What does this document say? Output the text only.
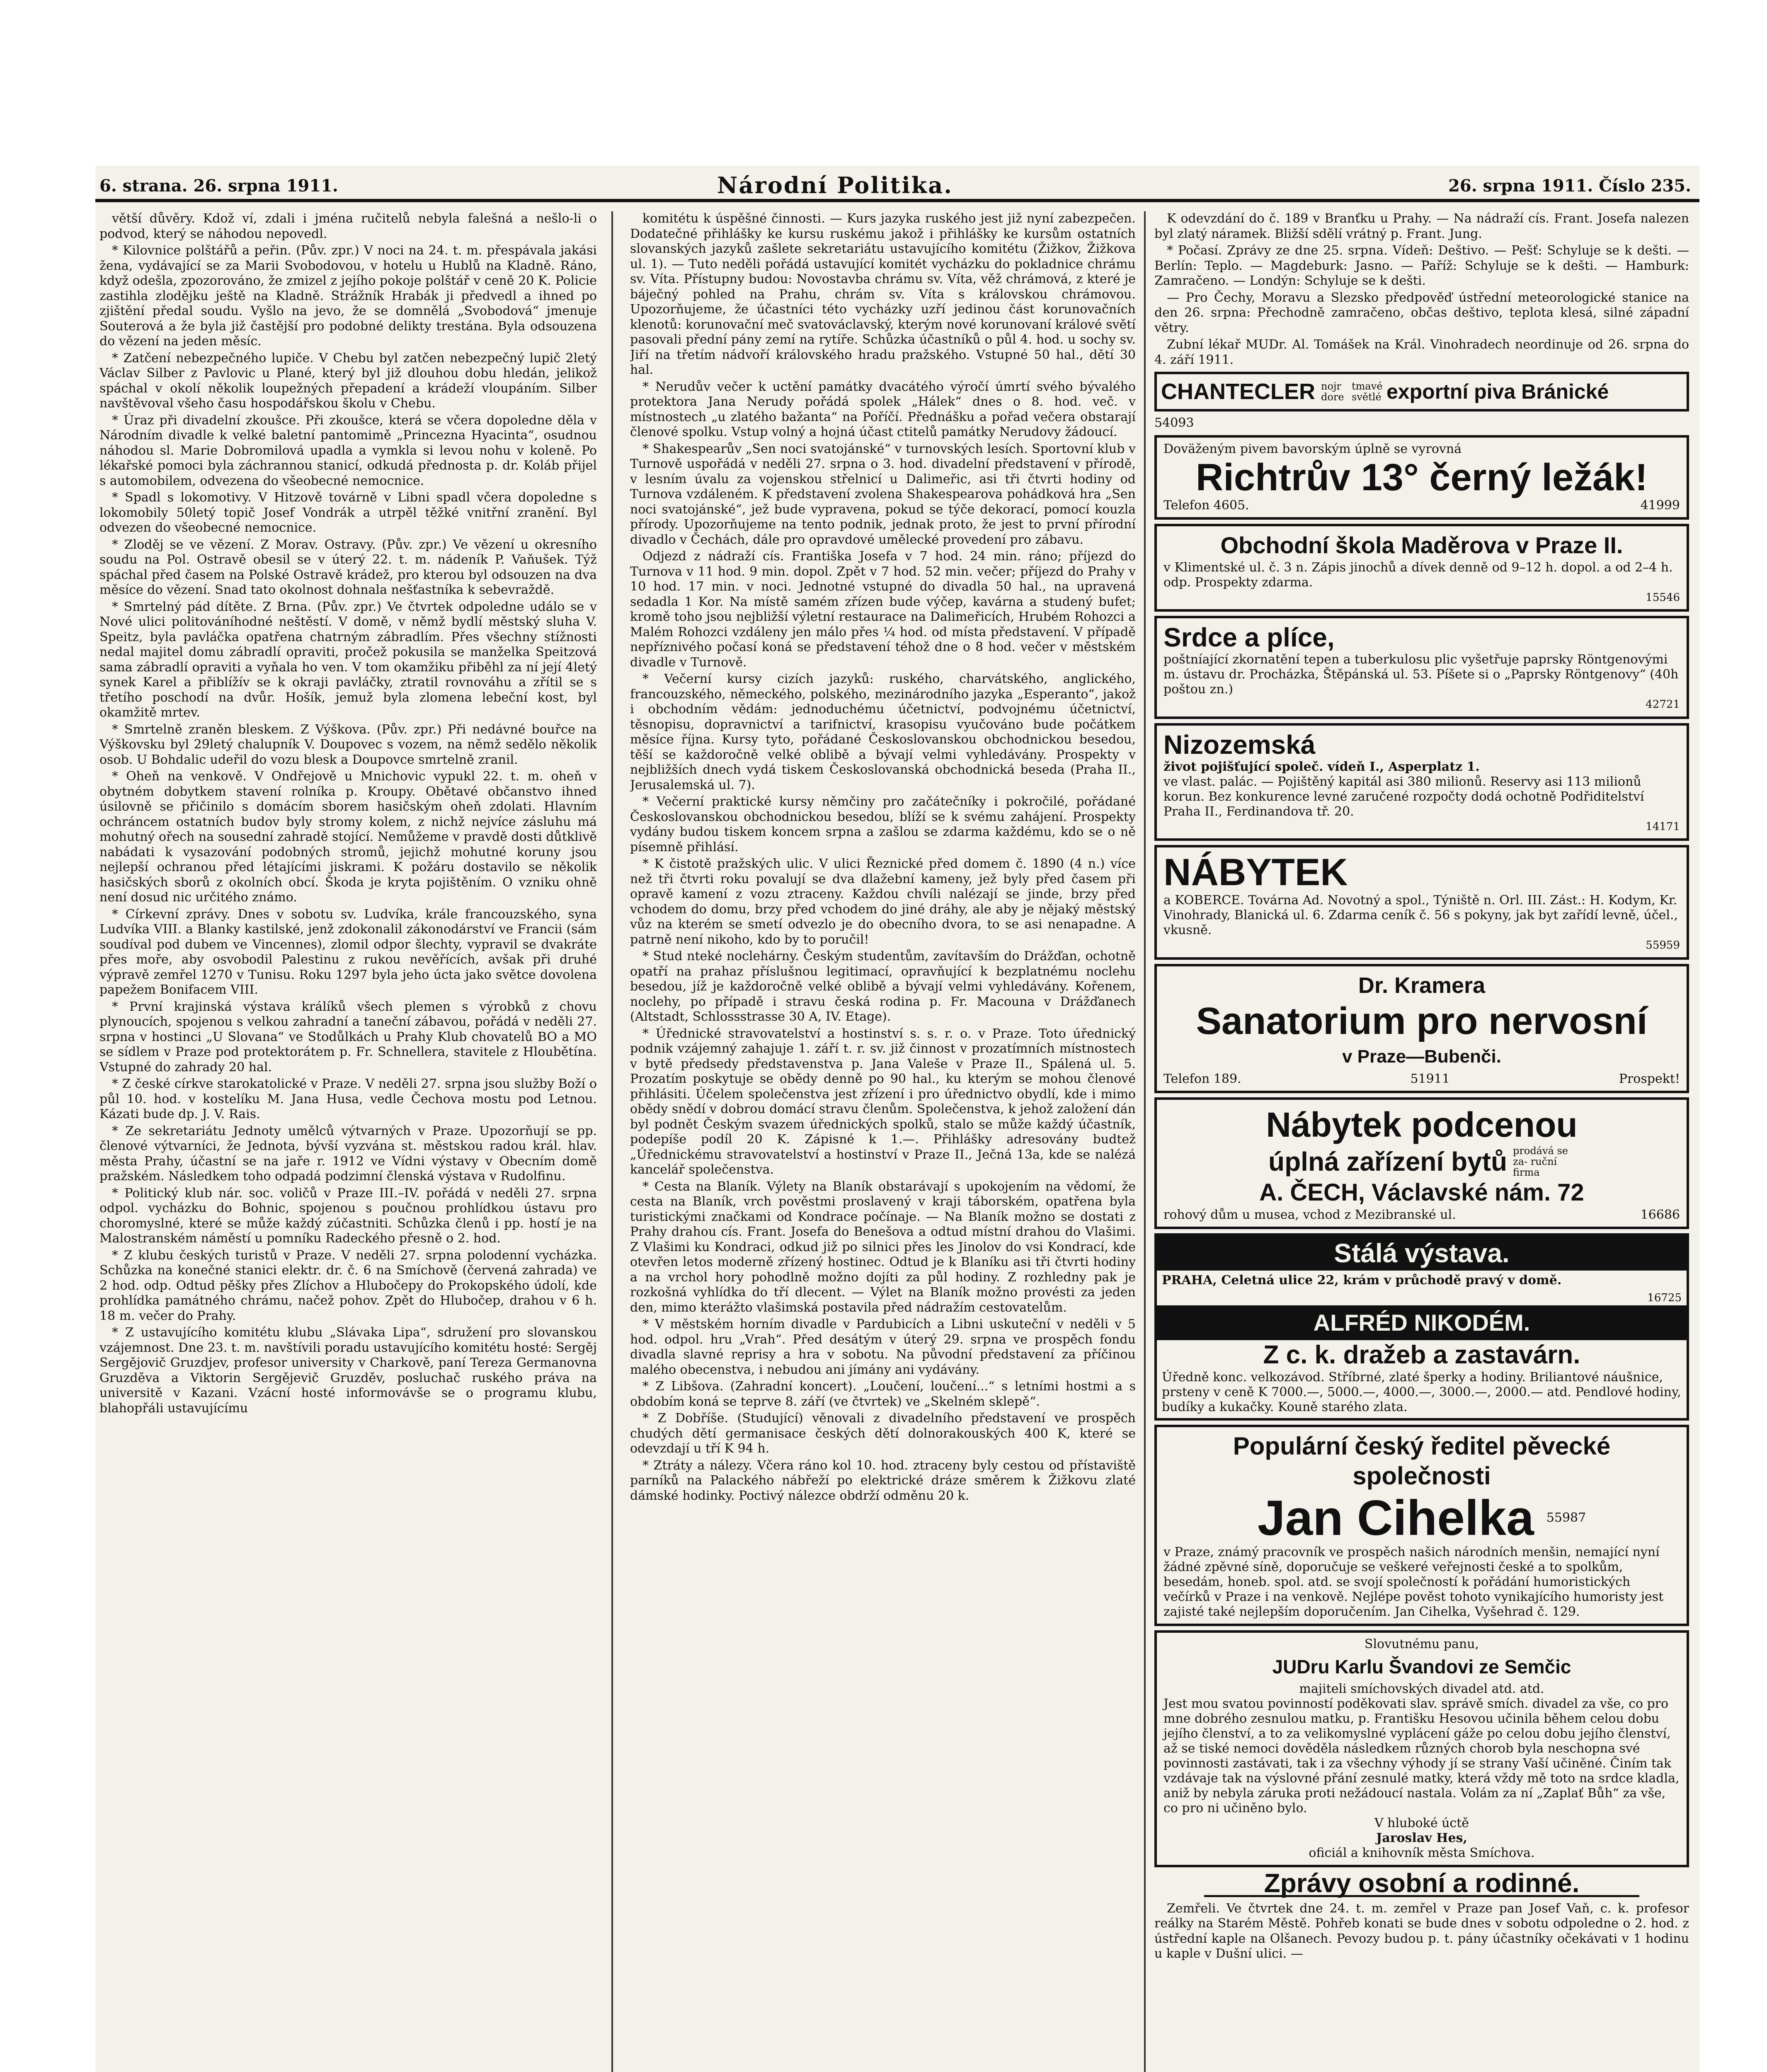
6. strana. 26. srpna 1911.	Národní Politika.	26. srpna 1911. Číslo 235.

větší důvěry. Kdož ví, zdali i jména ručitelů nebyla falešná a nešlo-li o podvod, který se náhodou nepovedl.

* Kilovnice polštářů a peřin. (Pův. zpr.) V noci na 24. t. m. přespávala jakási žena, vydávající se za Marii Svobodovou, v hotelu u Hublů na Kladně. Ráno, když odešla, zpozorováno, že zmizel z jejího pokoje polštář v ceně 20 K. Policie zastihla zlodějku ještě na Kladně. Strážník Hrabák ji předvedl a ihned po zjištění předal soudu. Vyšlo na jevo, že se domnělá „Svobodová“ jmenuje Souterová a že byla již častější pro podobné delikty trestána. Byla odsouzena do vězení na jeden měsíc.

* Zatčení nebezpečného lupiče. V Chebu byl zatčen nebezpečný lupič 2letý Václav Silber z Pavlovic u Plané, který byl již dlouhou dobu hledán, jelikož spáchal v okolí několik loupežných přepadení a krádeží vloupáním. Silber navštěvoval všeho času hospodářskou školu v Chebu.

* Úraz při divadelní zkoušce. Při zkoušce, která se včera dopoledne děla v Národním divadle k velké baletní pantomimě „Princezna Hyacinta“, osudnou náhodou sl. Marie Dobromilová upadla a vymkla si levou nohu v koleně. Po lékařské pomoci byla záchrannou stanicí, odkudá přednosta p. dr. Koláb přijel s automobilem, odvezena do všeobecné nemocnice.

* Spadl s lokomotivy. V Hitzově továrně v Libni spadl včera dopoledne s lokomobily 50letý topič Josef Vondrák a utrpěl těžké vnitřní zranění. Byl odvezen do všeobecné nemocnice.

* Zloděj se ve vězení. Z Morav. Ostravy. (Pův. zpr.) Ve vězení u okresního soudu na Pol. Ostravě obesil se v úterý 22. t. m. nádeník P. Vaňušek. Týž spáchal před časem na Polské Ostravě krádež, pro kterou byl odsouzen na dva měsíce do vězení. Snad tato okolnost dohnala nešťastníka k sebevraždě.

* Smrtelný pád dítěte. Z Brna. (Pův. zpr.) Ve čtvrtek odpoledne událo se v Nové ulici politováníhodné neštěstí. V domě, v němž bydlí městský sluha V. Speitz, byla pavláčka opatřena chatrným zábradlím. Přes všechny stížnosti nedal majitel domu zábradlí opraviti, pročež pokusila se manželka Speitzová sama zábradlí opraviti a vyňala ho ven. V tom okamžiku přiběhl za ní její 4letý synek Karel a přiblížív se k okraji pavláčky, ztratil rovnováhu a zřítil se s třetího poschodí na dvůr. Hošík, jemuž byla zlomena lebeční kost, byl okamžitě mrtev.

* Smrtelně zraněn bleskem. Z Výškova. (Pův. zpr.) Při nedávné bouřce na Výškovsku byl 29letý chalupník V. Doupovec s vozem, na němž sedělo několik osob. U Bohdalic udeřil do vozu blesk a Doupovce smrtelně zranil.

* Oheň na venkově. V Ondřejově u Mnichovic vypukl 22. t. m. oheň v obytném dobytkem stavení rolníka p. Kroupy. Obětavé občanstvo ihned úsilovně se přičinilo s domácím sborem hasičským oheň zdolati. Hlavním ochráncem ostatních budov byly stromy kolem, z nichž nejvíce zásluhu má mohutný ořech na sousední zahradě stojící. Nemůžeme v pravdě dosti důtklivě nabádati k vysazování podobných stromů, jejichž mohutné koruny jsou nejlepší ochranou před létajícími jiskrami. K požáru dostavilo se několik hasičských sborů z okolních obcí. Škoda je kryta pojištěním. O vzniku ohně není dosud nic určitého známo.

* Církevní zprávy. Dnes v sobotu sv. Ludvíka, krále francouzského, syna Ludvíka VIII. a Blanky kastilské, jenž zdokonalil zákonodárství ve Francii (sám soudíval pod dubem ve Vincennes), zlomil odpor šlechty, vypravil se dvakráte přes moře, aby osvobodil Palestinu z rukou nevěřících, avšak při druhé výpravě zemřel 1270 v Tunisu. Roku 1297 byla jeho úcta jako světce dovolena papežem Bonifacem VIII.

* První krajinská výstava králíků všech plemen s výrobků z chovu plynoucích, spojenou s velkou zahradní a taneční zábavou, pořádá v neděli 27. srpna v hostinci „U Slovana“ ve Stodůlkách u Prahy Klub chovatelů BO a MO se sídlem v Praze pod protektorátem p. Fr. Schnellera, stavitele z Hloubětína. Vstupné do zahrady 20 hal.

* Z české církve starokatolické v Praze. V neděli 27. srpna jsou služby Boží o půl 10. hod. v kostelíku M. Jana Husa, vedle Čechova mostu pod Letnou. Kázati bude dp. J. V. Rais.

* Ze sekretariátu Jednoty umělců výtvarných v Praze. Upozorňují se pp. členové výtvarníci, že Jednota, bývší vyzvána st. městskou radou král. hlav. města Prahy, účastní se na jaře r. 1912 ve Vídni výstavy v Obecním domě pražském. Následkem toho odpadá podzimní členská výstava v Rudolfinu.

* Politický klub nár. soc. voličů v Praze III.–IV. pořádá v neděli 27. srpna odpol. vycházku do Bohnic, spojenou s poučnou prohlídkou ústavu pro choromyslné, které se může každý zúčastniti. Schůzka členů i pp. hostí je na Malostranském náměstí u pomníku Radeckého přesně o 2. hod.

* Z klubu českých turistů v Praze. V neděli 27. srpna polodenní vycházka. Schůzka na konečné stanici elektr. dr. č. 6 na Smíchově (červená zahrada) ve 2 hod. odp. Odtud pěšky přes Zlíchov a Hlubočepy do Prokopského údolí, kde prohlídka památného chrámu, načež pohov. Zpět do Hlubočep, drahou v 6 h. 18 m. večer do Prahy.

* Z ustavujícího komitétu klubu „Slávaka Lipa“, sdružení pro slovanskou vzájemnost. Dne 23. t. m. navštívili poradu ustavujícího komitétu hosté: Sergěj Sergějovič Gruzdjev, profesor university v Charkově, paní Tereza Germanovna Gruzděva a Viktorin Sergějevič Gruzděv, posluchač ruského práva na universitě v Kazani. Vzácní hosté informovávše se o programu klubu, blahopřáli ustavujícímu

komitétu k úspěšné činnosti. — Kurs jazyka ruského jest již nyní zabezpečen. Dodatečné přihlášky ke kursu ruskému jakož i přihlášky ke kursům ostatních slovanských jazyků zašlete sekretariátu ustavujícího komitétu (Žižkov, Žižkova ul. 1). — Tuto neděli pořádá ustavující komitét vycházku do pokladnice chrámu sv. Víta. Přístupny budou: Novostavba chrámu sv. Víta, věž chrámová, z které je báječný pohled na Prahu, chrám sv. Víta s královskou chrámovou. Upozorňujeme, že účastníci této vycházky uzří jedinou část korunovačních klenotů: korunovační meč svatováclavský, kterým nové korunovaní králové světí pasovali přední pány zemí na rytíře. Schůzka účastníků o půl 4. hod. u sochy sv. Jiří na třetím nádvoří královského hradu pražského. Vstupné 50 hal., dětí 30 hal.

* Nerudův večer k uctění památky dvacátého výročí úmrtí svého bývalého protektora Jana Nerudy pořádá spolek „Hálek“ dnes o 8. hod. več. v místnostech „u zlatého bažanta“ na Poříčí. Přednášku a pořad večera obstarají členové spolku. Vstup volný a hojná účast ctitelů památky Nerudovy žádoucí.

* Shakespearův „Sen noci svatojánské“ v turnovských lesích. Sportovní klub v Turnově uspořádá v neděli 27. srpna o 3. hod. divadelní představení v přírodě, v lesním úvalu za vojenskou střelnicí u Dalimeřic, asi tři čtvrti hodiny od Turnova vzdáleném. K představení zvolena Shakespearova pohádková hra „Sen noci svatojánské“, jež bude vypravena, pokud se týče dekorací, pomocí kouzla přírody. Upozorňujeme na tento podnik, jednak proto, že jest to první přírodní divadlo v Čechách, dále pro opravdové umělecké provedení pro zábavu.

Odjezd z nádraží cís. Františka Josefa v 7 hod. 24 min. ráno; příjezd do Turnova v 11 hod. 9 min. dopol. Zpět v 7 hod. 52 min. večer; příjezd do Prahy v 10 hod. 17 min. v noci. Jednotné vstupné do divadla 50 hal., na upravená sedadla 1 Kor. Na místě samém zřízen bude výčep, kavárna a studený bufet; kromě toho jsou nejbližší výletní restaurace na Dalimeřicích, Hrubém Rohozci a Malém Rohozci vzdáleny jen málo přes ¼ hod. od místa představení. V případě nepříznivého počasí koná se představení téhož dne o 8 hod. večer v městském divadle v Turnově.

* Večerní kursy cizích jazyků: ruského, charvátského, anglického, francouzského, německého, polského, mezinárodního jazyka „Esperanto“, jakož i obchodním vědám: jednoduchému účetnictví, podvojnému účetnictví, těsnopisu, dopravnictví a tarifnictví, krasopisu vyučováno bude počátkem měsíce října. Kursy tyto, pořádané Českoslovanskou obchodnickou besedou, těší se každoročně velké oblibě a bývají velmi vyhledávány. Prospekty v nejbližších dnech vydá tiskem Českoslovanská obchodnická beseda (Praha II., Jerusalemská ul. 7).

* Večerní praktické kursy němčiny pro začátečníky i pokročilé, pořádané Českoslovanskou obchodnickou besedou, blíží se k svému zahájení. Prospekty vydány budou tiskem koncem srpna a zašlou se zdarma každému, kdo se o ně písemně přihlásí.

* K čistotě pražských ulic. V ulici Řeznické před domem č. 1890 (4 n.) více než tři čtvrti roku povalují se dva dlažební kameny, jež byly před časem při opravě kamení z vozu ztraceny. Každou chvíli nalézají se jinde, brzy před vchodem do domu, brzy před vchodem do jiné dráhy, ale aby je nějaký městský vůz na kterém se smetí odvezlo je do obecního dvora, to se asi nenapadne. A patrně není nikoho, kdo by to poručil!

* Stud nteké noclehárny. Českým studentům, zavítavším do Drážďan, ochotně opatří na prahaz příslušnou legitimací, opravňující k bezplatnému noclehu besedou, jíž je každoročně velké oblibě a bývají velmi vyhledávány. Kořenem, noclehy, po případě i stravu česká rodina p. Fr. Macouna v Drážďanech (Altstadt, Schlossstrasse 30 A, IV. Etage).

* Úřednické stravovatelství a hostinství s. s. r. o. v Praze. Toto úřednický podnik vzájemný zahajuje 1. září t. r. sv. již činnost v prozatímních místnostech v bytě předsedy představenstva p. Jana Valeše v Praze II., Spálená ul. 5. Prozatím poskytuje se obědy denně po 90 hal., ku kterým se mohou členové přihlásiti. Účelem společenstva jest zřízení i pro úřednictvo obydlí, kde i mimo obědy snědí v dobrou domácí stravu členům. Společenstva, k jehož založení dán byl podnět Českým svazem úřednických spolků, stalo se může každý účastník, podepíše podíl 20 K. Zápisné k 1.—. Přihlášky adresovány budtež „Úřednickému stravovatelství a hostinství v Praze II., Ječná 13a, kde se nalézá kancelář společenstva.

* Cesta na Blaník. Výlety na Blaník obstarávají s upokojením na vědomí, že cesta na Blaník, vrch pověstmi proslavený v kraji táborském, opatřena byla turistickými značkami od Kondrace počínaje. — Na Blaník možno se dostati z Prahy drahou cís. Frant. Josefa do Benešova a odtud místní drahou do Vlašimi. Z Vlašimi ku Kondraci, odkud již po silnici přes les Jinolov do vsi Kondrací, kde otevřen letos moderně zřízený hostinec. Odtud je k Blaníku asi tři čtvrti hodiny a na vrchol hory pohodlně možno dojíti za půl hodiny. Z rozhledny pak je rozkošná vyhlídka do tří dlecent. — Výlet na Blaník možno provésti za jeden den, mimo kterážto vlašimská postavila před nádražím cestovatelům.

* V městském horním divadle v Pardubicích a Libni uskuteční v neděli v 5 hod. odpol. hru „Vrah“. Před desátým v úterý 29. srpna ve prospěch fondu divadla slavné reprisy a hra v sobotu. Na původní představení za příčinou malého obecenstva, i nebudou ani jímány ani vydávány.

* Z Libšova. (Zahradní koncert). „Loučení, loučení...“ s letními hostmi a s obdobím koná se teprve 8. září (ve čtvrtek) ve „Skelném sklepě“.

* Z Dobříše. (Studující) věnovali z divadelního představení ve prospěch chudých dětí germanisace českých dětí dolnorakouských 400 K, které se odevzdají u tří K 94 h.

* Ztráty a nálezy. Včera ráno kol 10. hod. ztraceny byly cestou od přístaviště parníků na Palackého nábřeží po elektrické dráze směrem k Žižkovu zlaté dámské hodinky. Poctivý nálezce obdrží odměnu 20 k.

K odevzdání do č. 189 v Branťku u Prahy. — Na nádraží cís. Frant. Josefa nalezen byl zlatý náramek. Bližší sdělí vrátný p. Frant. Jung.

* Počasí. Zprávy ze dne 25. srpna. Vídeň: Deštivo. — Pešť: Schyluje se k dešti. — Berlín: Teplo. — Magdeburk: Jasno. — Paříž: Schyluje se k dešti. — Hamburk: Zamračeno. — Londýn: Schyluje se k dešti.

— Pro Čechy, Moravu a Slezsko předpověď ústřední meteorologické stanice na den 26. srpna: Přechodně zamračeno, občas deštivo, teplota klesá, silné západní větry.

Zubní lékař MUDr. Al. Tomášek na Král. Vinohradech neordinuje od 26. srpna do 4. září 1911.

CHANTECLER nojr dore
tmavé světlé exportní piva Bránické
54093
Doväženým pivem bavorským úplně se vyrovná
Richtrův 13° černý ležák!
Telefon 4605.	41999
Obchodní škola Maděrova v Praze II.
v Klimentské ul. č. 3 n. Zápis jinochů a dívek denně od 9–12 h. dopol. a od 2–4 h. odp. Prospekty zdarma.
15546
Srdce a plíce,
poštníající zkornatění tepen a tuberkulosu plic vyšetřuje paprsky Röntgenovými m. ústavu dr. Procházka, Štěpánská ul. 53. Píšete si o „Paprsky Röntgenovy“ (40h poštou zn.)
42721
Nizozemská
život pojišťující společ. vídeň I., Asperplatz 1.
ve vlast. palác. — Pojištěný kapitál asi 380 milionů. Reservy asi 113 milionů korun. Bez konkurence levné zaručené rozpočty dodá ochotně Podřiditelství Praha II., Ferdinandova tř. 20.
14171
NÁBYTEK
a KOBERCE. Továrna Ad. Novotný a spol., Týniště n. Orl. III. Zást.: H. Kodym, Kr. Vinohrady, Blanická ul. 6. Zdarma ceník č. 56 s pokyny, jak byt zařídí levně, účel., vkusně.
55959
Dr. Kramera
Sanatorium pro nervosní
v Praze—Bubenči.
Telefon 189.	51911	Prospekt!
Nábytek podcenou
úplná zařízení bytů prodává se za- ruční firma
A. ČECH, Václavské nám. 72
rohový dům u musea, vchod z Mezibranské ul.	16686
Stálá výstava.
PRAHA, Celetná ulice 22, krám v průchodě pravý v domě.
16725
ALFRÉD NIKODÉM.
Z c. k. dražeb a zastavárn.
Úředně konc. velkozávod. Stříbrné, zlaté šperky a hodiny. Briliantové náušnice, prsteny v ceně K 7000.—, 5000.—, 4000.—, 3000.—, 2000.— atd. Pendlové hodiny, budíky a kukačky. Kouně starého zlata.
Populární český ředitel pěvecké společnosti
Jan Cihelka 55987
v Praze, známý pracovník ve prospěch našich národních menšin, nemající nyní žádné zpěvné síně, doporučuje se veškeré veřejnosti české a to spolkům, besedám, honeb. spol. atd. se svojí společností k pořádání humoristických večírků v Praze i na venkově. Nejlépe pověst tohoto vynikajícího humoristy jest zajisté také nejlepším doporučením. Jan Cihelka, Vyšehrad č. 129.
Slovutnému panu,
JUDru Karlu Švandovi ze Semčic
majiteli smíchovských divadel atd. atd.
Jest mou svatou povinností poděkovati slav. správě smích. divadel za vše, co pro mne dobrého zesnulou matku, p. Františku Hesovou učinila během celou dobu jejího členství, a to za velikomyslné vyplácení gáže po celou dobu jejího členství, až se tiské nemoci dověděla následkem různých chorob byla neschopna své povinnosti zastávati, tak i za všechny výhody jí se strany Vaší učiněné. Činím tak vzdávaje tak na výslovné přání zesnulé matky, která vždy mě toto na srdce kladla, aniž by nebyla záruka proti nežádoucí nastala. Volám za ní „Zaplať Bůh“ za vše, co pro ni učiněno bylo.
V hluboké úctě
Jaroslav Hes,
oficiál a knihovník města Smíchova.
Zprávy osobní a rodinné.

Zemřeli. Ve čtvrtek dne 24. t. m. zemřel v Praze pan Josef Vaň, c. k. profesor reálky na Starém Městě. Pohřeb konati se bude dnes v sobotu odpoledne o 2. hod. z ústřední kaple na Olšanech. Pevozy budou p. t. pány účastníky očekávati v 1 hodinu u kaple v Dušní ulici. —
